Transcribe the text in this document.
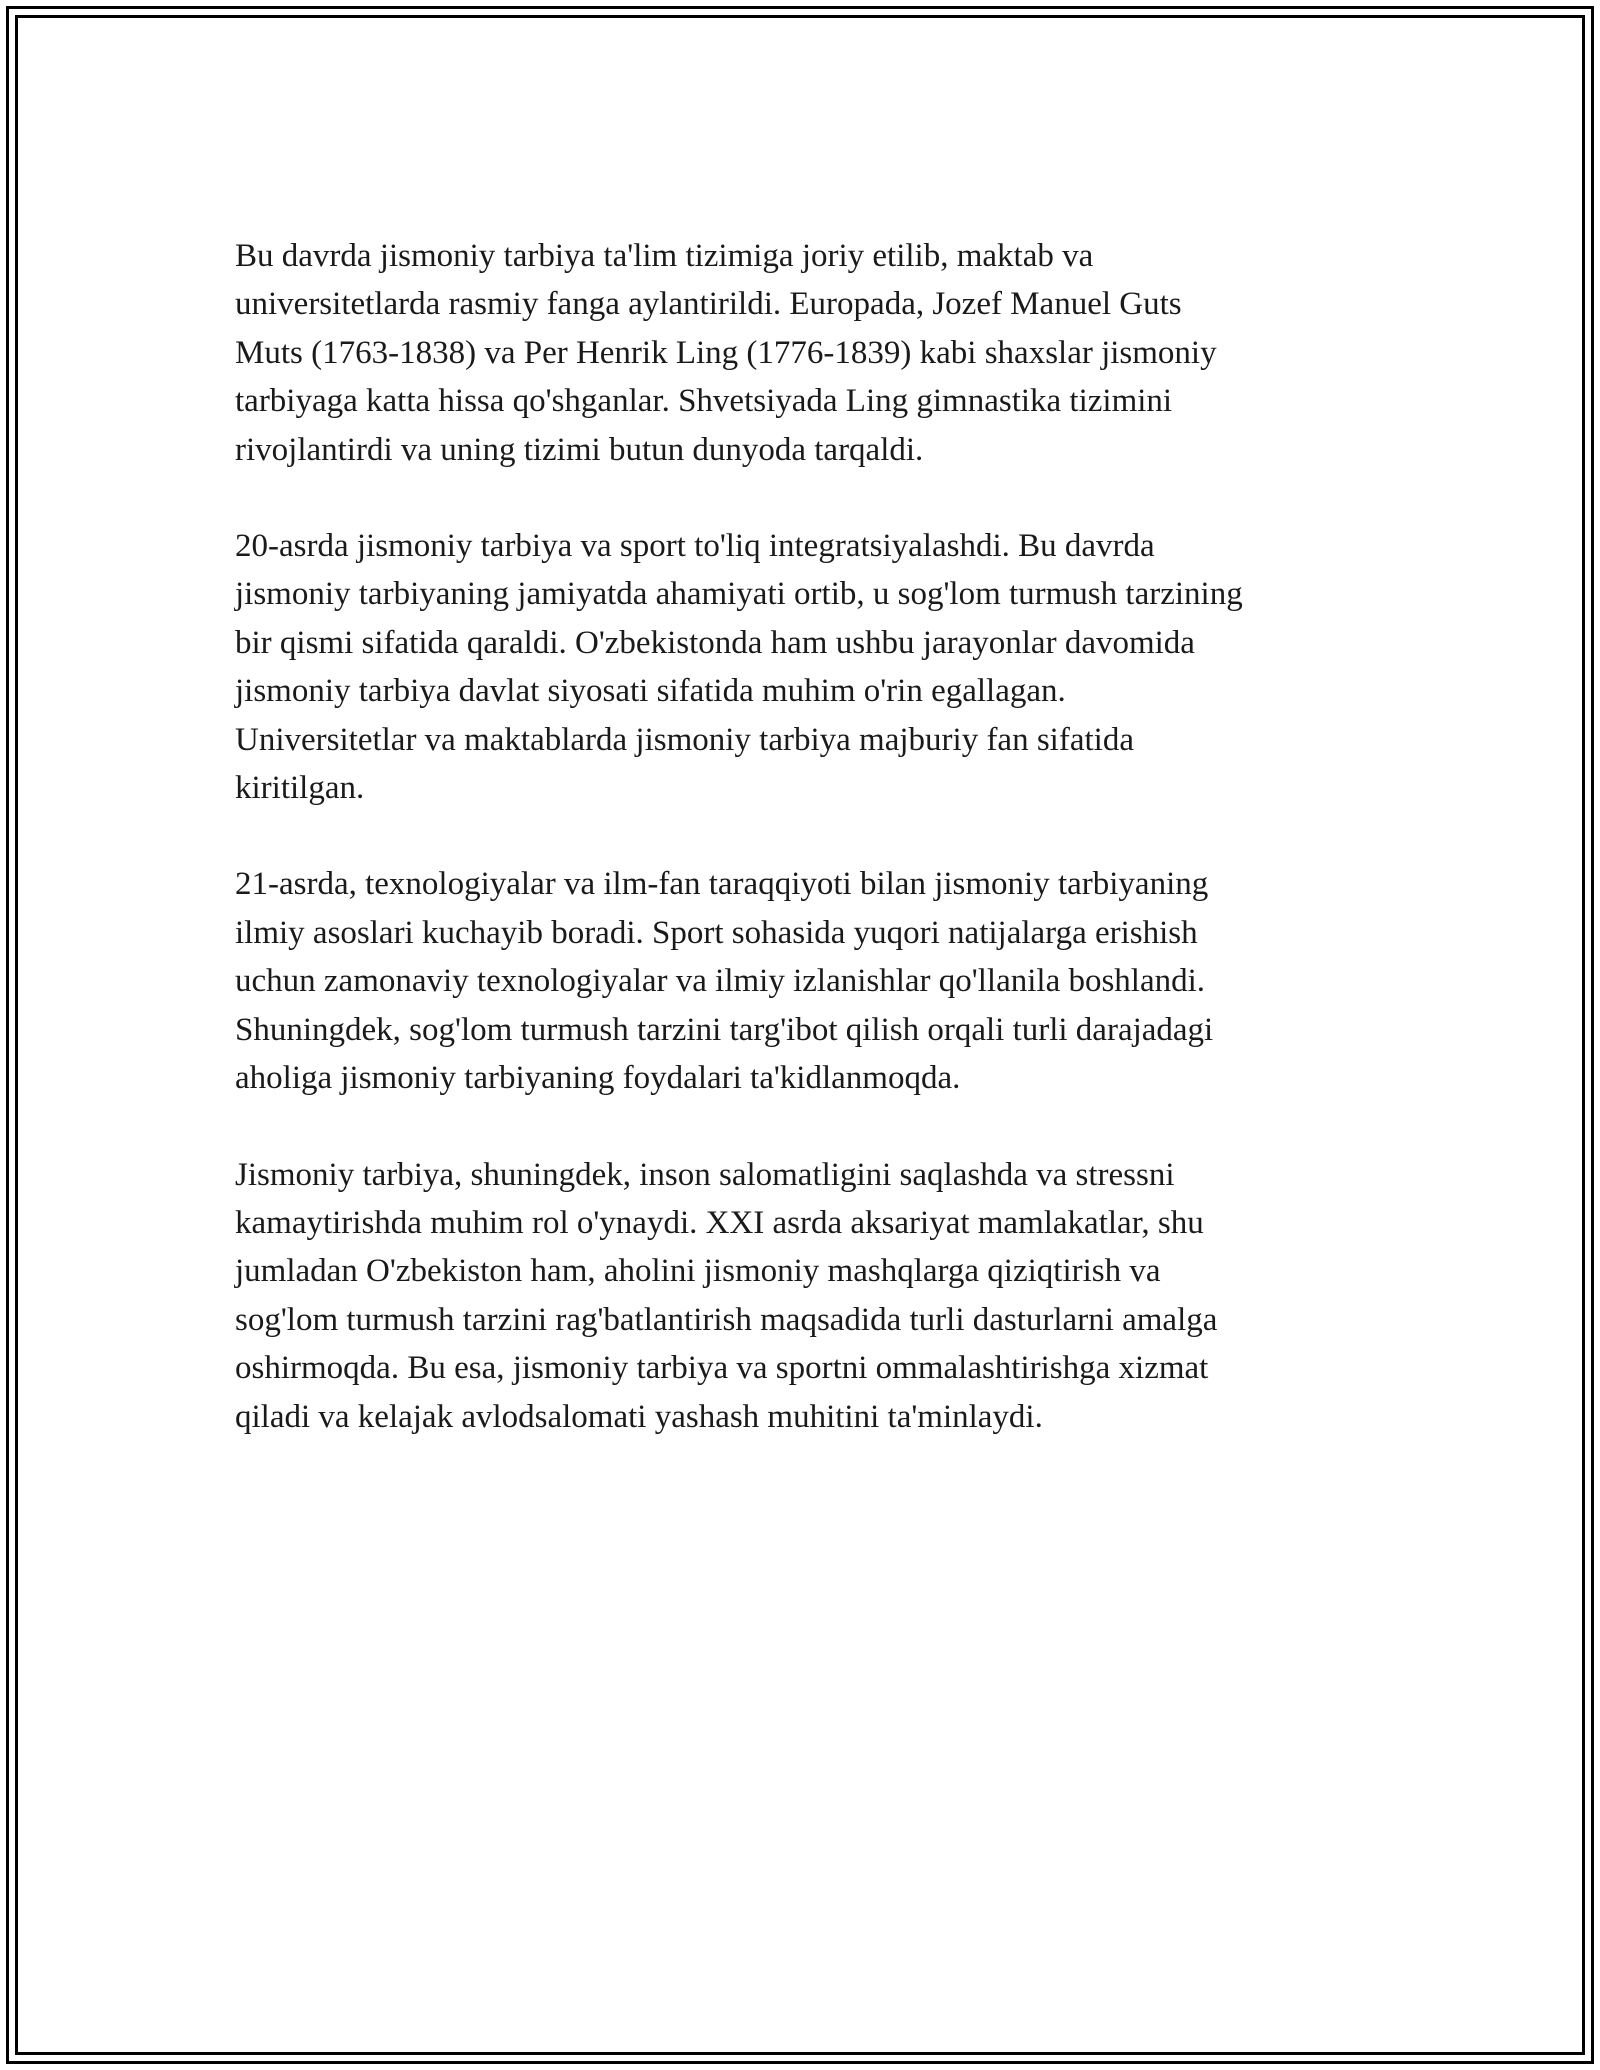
Bu davrda jismoniy tarbiya ta'lim tizimiga joriy etilib, maktab va
universitetlarda rasmiy fanga aylantirildi. Europada, Jozef Manuel Guts
Muts (1763-1838) va Per Henrik Ling (1776-1839) kabi shaxslar jismoniy
tarbiyaga katta hissa qo'shganlar. Shvetsiyada Ling gimnastika tizimini
rivojlantirdi va uning tizimi butun dunyoda tarqaldi.

20-asrda jismoniy tarbiya va sport to'liq integratsiyalashdi. Bu davrda
jismoniy tarbiyaning jamiyatda ahamiyati ortib, u sog'lom turmush tarzining
bir qismi sifatida qaraldi. O'zbekistonda ham ushbu jarayonlar davomida
jismoniy tarbiya davlat siyosati sifatida muhim o'rin egallagan.
Universitetlar va maktablarda jismoniy tarbiya majburiy fan sifatida
kiritilgan.

21-asrda, texnologiyalar va ilm-fan taraqqiyoti bilan jismoniy tarbiyaning
ilmiy asoslari kuchayib boradi. Sport sohasida yuqori natijalarga erishish
uchun zamonaviy texnologiyalar va ilmiy izlanishlar qo'llanila boshlandi.
Shuningdek, sog'lom turmush tarzini targ'ibot qilish orqali turli darajadagi
aholiga jismoniy tarbiyaning foydalari ta'kidlanmoqda.

Jismoniy tarbiya, shuningdek, inson salomatligini saqlashda va stressni
kamaytirishda muhim rol o'ynaydi. XXI asrda aksariyat mamlakatlar, shu
jumladan O'zbekiston ham, aholini jismoniy mashqlarga qiziqtirish va
sog'lom turmush tarzini rag'batlantirish maqsadida turli dasturlarni amalga
oshirmoqda. Bu esa, jismoniy tarbiya va sportni ommalashtirishga xizmat
qiladi va kelajak avlodsalomati yashash muhitini ta'minlaydi.
